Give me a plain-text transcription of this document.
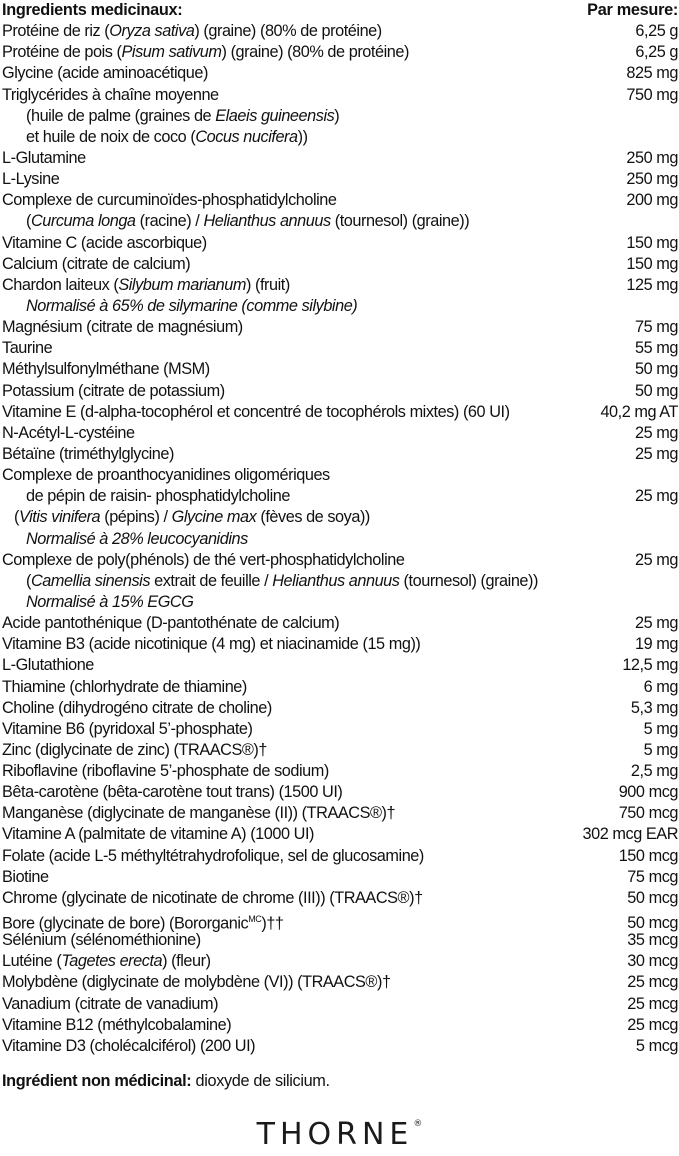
Ingredients medicinaux:	Par mesure:
Protéine de riz (Oryza sativa) (graine) (80% de protéine)	6,25 g
Protéine de pois (Pisum sativum) (graine) (80% de protéine)	6,25 g
Glycine (acide aminoacétique)	825 mg
Triglycérides à chaîne moyenne	750 mg
(huile de palme (graines de Elaeis guineensis)
et huile de noix de coco (Cocus nucifera))
L-Glutamine	250 mg
L-Lysine	250 mg
Complexe de curcuminoïdes-phosphatidylcholine	200 mg
(Curcuma longa (racine) / Helianthus annuus (tournesol) (graine))
Vitamine C (acide ascorbique)	150 mg
Calcium (citrate de calcium)	150 mg
Chardon laiteux (Silybum marianum) (fruit)	125 mg
Normalisé à 65% de silymarine (comme silybine)
Magnésium (citrate de magnésium)	75 mg
Taurine	55 mg
Méthylsulfonylméthane (MSM)	50 mg
Potassium (citrate de potassium)	50 mg
Vitamine E (d-alpha-tocophérol et concentré de tocophérols mixtes) (60 UI)	40,2 mg AT
N-Acétyl-L-cystéine	25 mg
Bétaïne (triméthylglycine)	25 mg
Complexe de proanthocyanidines oligomériques
de pépin de raisin- phosphatidylcholine	25 mg
(Vitis vinifera (pépins) / Glycine max (fèves de soya))
Normalisé à 28% leucocyanidins
Complexe de poly(phénols) de thé vert-phosphatidylcholine	25 mg
(Camellia sinensis extrait de feuille / Helianthus annuus (tournesol) (graine))
Normalisé à 15% EGCG
Acide pantothénique (D-pantothénate de calcium)	25 mg
Vitamine B3 (acide nicotinique (4 mg) et niacinamide (15 mg))	19 mg
L-Glutathione	12,5 mg
Thiamine (chlorhydrate de thiamine)	6 mg
Choline (dihydrogéno citrate de choline)	5,3 mg
Vitamine B6 (pyridoxal 5’-phosphate)	5 mg
Zinc (diglycinate de zinc) (TRAACS®)†	5 mg
Riboflavine (riboflavine 5’-phosphate de sodium)	2,5 mg
Bêta-carotène (bêta-carotène tout trans) (1500 UI)	900 mcg
Manganèse (diglycinate de manganèse (II)) (TRAACS®)†	750 mcg
Vitamine A (palmitate de vitamine A) (1000 UI)	302 mcg EAR
Folate (acide L-5 méthyltétrahydrofolique, sel de glucosamine)	150 mcg
Biotine	75 mcg
Chrome (glycinate de nicotinate de chrome (III)) (TRAACS®)†	50 mcg
Bore (glycinate de bore) (Bororganic$^{MC}$)††	50 mcg
Sélénium (sélénométhionine)	35 mcg
Lutéine (Tagetes erecta) (fleur)	30 mcg
Molybdène (diglycinate de molybdène (VI)) (TRAACS®)†	25 mcg
Vanadium (citrate de vanadium)	25 mcg
Vitamine B12 (méthylcobalamine)	25 mcg
Vitamine D3 (cholécalciférol) (200 UI)	5 mcg
Ingrédient non médicinal: dioxyde de silicium.
THORNE®
